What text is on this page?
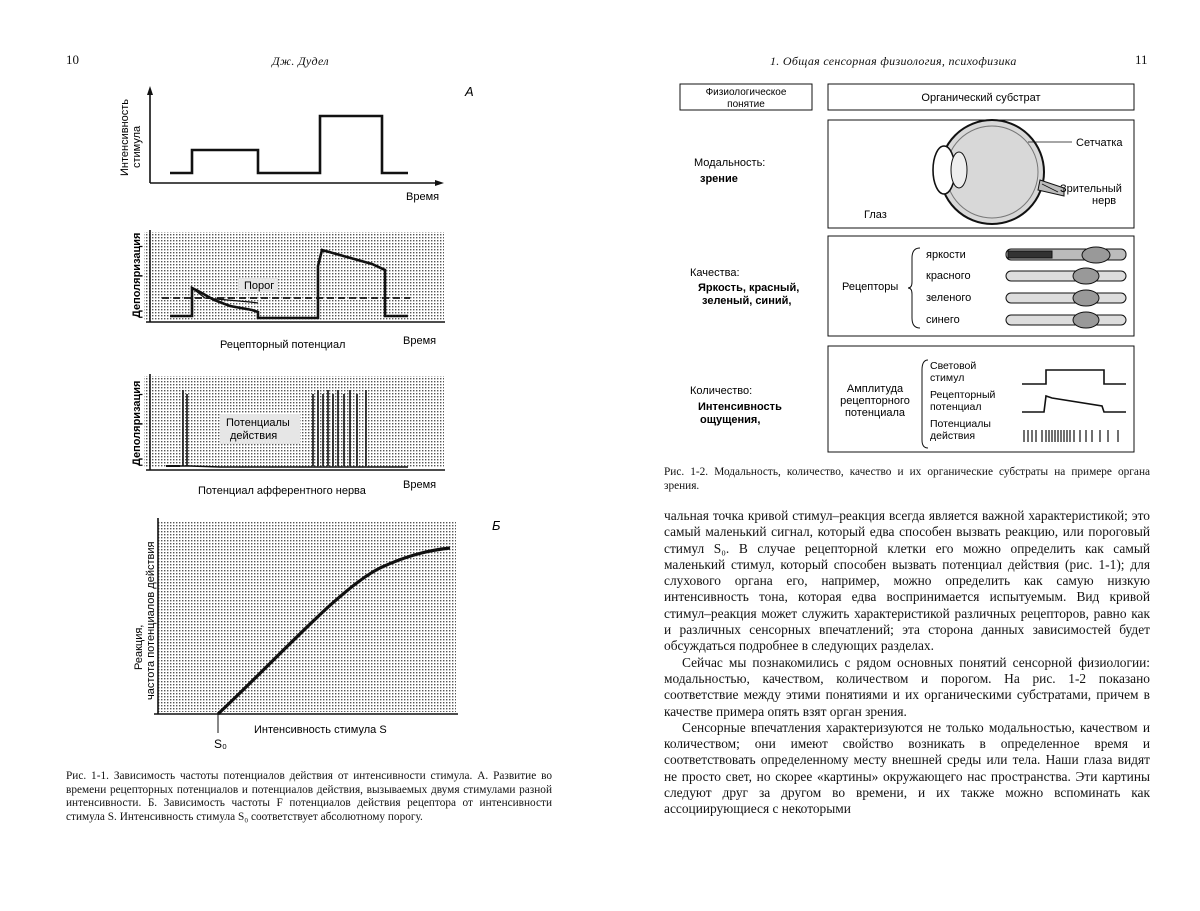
10	Дж. Дудел
А
Интенсивность стимула
Время
Порог
Деполяризация
Рецепторный потенциал	Время
Потенциалы
действия
Деполяризация
Потенциал афферентного нерва	Время
Б
Интенсивность стимула S
S₀
Реакция, частота потенциалов действия
Рис. 1-1. Зависимость частоты потенциалов действия от интенсивности стимула. А. Развитие во времени рецепторных потенциалов и потенциалов действия, вызываемых двумя стимулами разной интенсивности. Б. Зависимость частоты F потенциалов действия рецептора от интенсивности стимула S. Интенсивность стимула S₀ соответствует абсолютному порогу.
1. Общая сенсорная физиология, психофизика	11
Физиологическое
понятие
Органический субстрат
Модальность:
зрение
Сетчатка
Зрительный
нерв
Глаз
Качества:
Яркость, красный,
зеленый, синий,
Рецепторы
яркости
красного
зеленого
синего
Количество:
Интенсивность
ощущения,
Амплитуда
рецепторного
потенциала
Световой
стимул
Рецепторный
потенциал
Потенциалы
действия
Рис. 1-2. Модальность, количество, качество и их органические субстраты на примере органа зрения.

чальная точка кривой стимул–реакция всегда является важной характеристикой; это самый маленький сигнал, который едва способен вызвать реакцию, или пороговый стимул S₀. В случае рецепторной клетки его можно определить как самый маленький стимул, который способен вызвать потенциал действия (рис. 1-1); для слухового органа его, например, можно определить как самую низкую интенсивность тона, которая едва воспринимается испытуемым. Вид кривой стимул–реакция может служить характеристикой различных рецепторов, равно как и различных сенсорных впечатлений; эта сторона данных зависимостей будет обсуждаться подробнее в следующих разделах.

Сейчас мы познакомились с рядом основных понятий сенсорной физиологии: модальностью, качеством, количеством и порогом. На рис. 1-2 показано соответствие между этими понятиями и их органическими субстратами, причем в качестве примера опять взят орган зрения.

Сенсорные впечатления характеризуются не только модальностью, качеством и количеством; они имеют свойство возникать в определенное время и соответствовать определенному месту внешней среды или тела. Наши глаза видят не просто свет, но скорее «картины» окружающего нас пространства. Эти картины следуют друг за другом во времени, и их также можно вспоминать как ассоциирующиеся с некоторыми
